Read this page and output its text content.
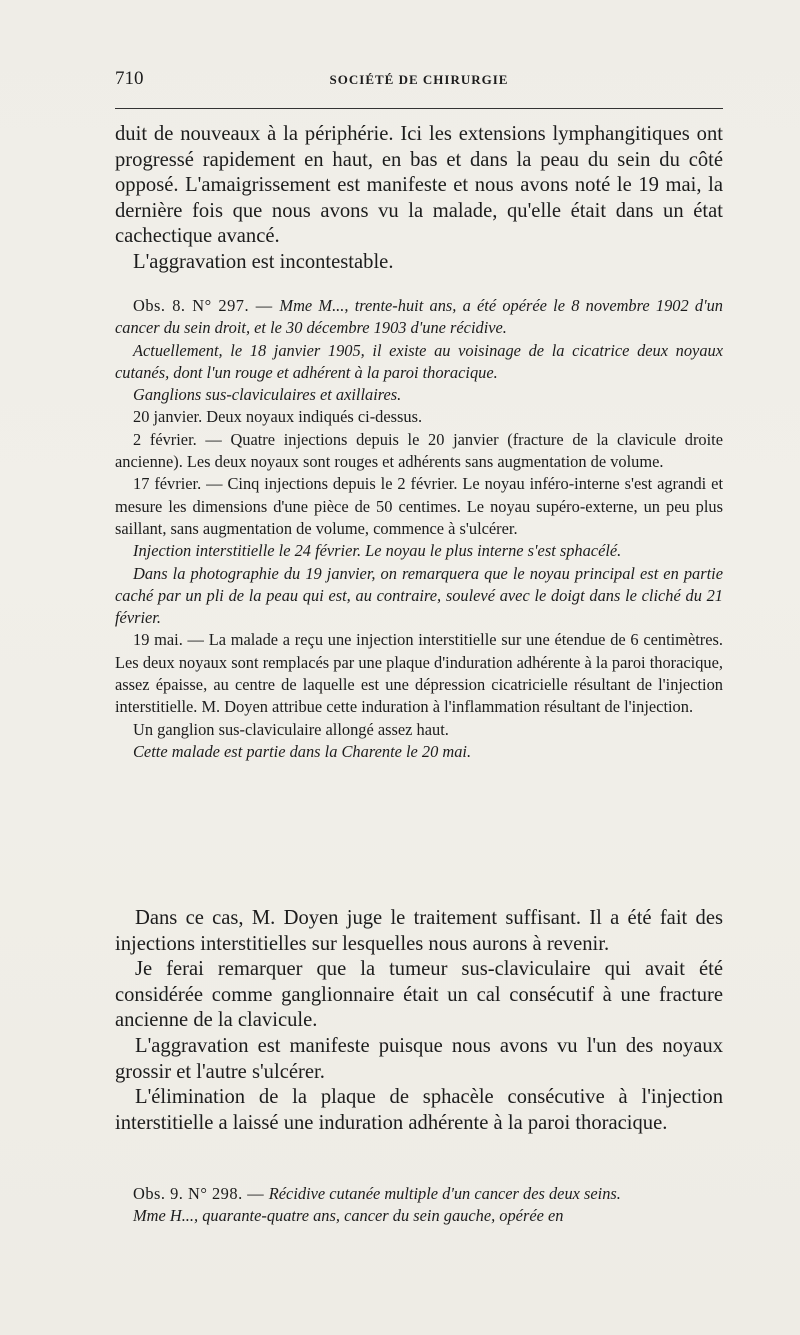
710	SOCIÉTÉ DE CHIRURGIE

duit de nouveaux à la périphérie. Ici les extensions lymphangitiques ont progressé rapidement en haut, en bas et dans la peau du sein du côté opposé. L'amaigrissement est manifeste et nous avons noté le 19 mai, la dernière fois que nous avons vu la malade, qu'elle était dans un état cachectique avancé.

L'aggravation est incontestable.

Obs. 8. N° 297. — Mme M..., trente-huit ans, a été opérée le 8 novembre 1902 d'un cancer du sein droit, et le 30 décembre 1903 d'une récidive.

Actuellement, le 18 janvier 1905, il existe au voisinage de la cicatrice deux noyaux cutanés, dont l'un rouge et adhérent à la paroi thoracique.

Ganglions sus-claviculaires et axillaires.

20 janvier. Deux noyaux indiqués ci-dessus.

2 février. — Quatre injections depuis le 20 janvier (fracture de la clavicule droite ancienne). Les deux noyaux sont rouges et adhérents sans augmentation de volume.

17 février. — Cinq injections depuis le 2 février. Le noyau inféro-interne s'est agrandi et mesure les dimensions d'une pièce de 50 centimes. Le noyau supéro-externe, un peu plus saillant, sans augmentation de volume, commence à s'ulcérer.

Injection interstitielle le 24 février. Le noyau le plus interne s'est sphacélé.

Dans la photographie du 19 janvier, on remarquera que le noyau principal est en partie caché par un pli de la peau qui est, au contraire, soulevé avec le doigt dans le cliché du 21 février.

19 mai. — La malade a reçu une injection interstitielle sur une étendue de 6 centimètres. Les deux noyaux sont remplacés par une plaque d'induration adhérente à la paroi thoracique, assez épaisse, au centre de laquelle est une dépression cicatricielle résultant de l'injection interstitielle. M. Doyen attribue cette induration à l'inflammation résultant de l'injection.

Un ganglion sus-claviculaire allongé assez haut.

Cette malade est partie dans la Charente le 20 mai.

Dans ce cas, M. Doyen juge le traitement suffisant. Il a été fait des injections interstitielles sur lesquelles nous aurons à revenir.

Je ferai remarquer que la tumeur sus-claviculaire qui avait été considérée comme ganglionnaire était un cal consécutif à une fracture ancienne de la clavicule.

L'aggravation est manifeste puisque nous avons vu l'un des noyaux grossir et l'autre s'ulcérer.

L'élimination de la plaque de sphacèle consécutive à l'injection interstitielle a laissé une induration adhérente à la paroi thoracique.

Obs. 9. N° 298. — Récidive cutanée multiple d'un cancer des deux seins.

Mme H..., quarante-quatre ans, cancer du sein gauche, opérée en
